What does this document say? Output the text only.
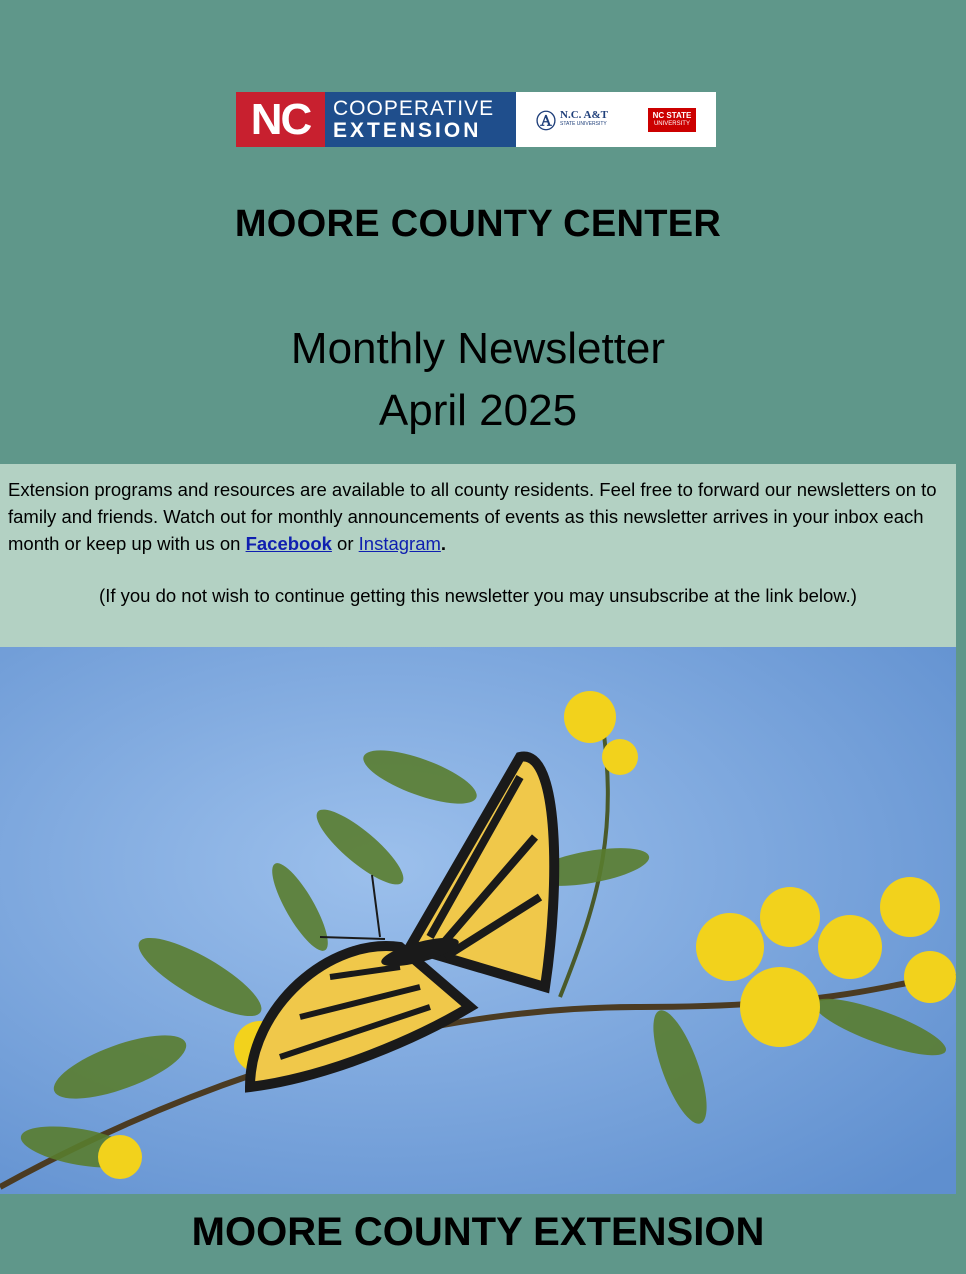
NC	COOPERATIVE
EXTENSION	Ⓐ N.C. A&T
STATE UNIVERSITY
NC STATE
UNIVERSITY
MOORE COUNTY CENTER
Monthly Newsletter
April 2025
Extension programs and resources are available to all county residents. Feel free to forward our newsletters on to family and friends. Watch out for monthly announcements of events as this newsletter arrives in your inbox each month or keep up with us on Facebook or Instagram.
(If you do not wish to continue getting this newsletter you may unsubscribe at the link below.)
MOORE COUNTY EXTENSION
